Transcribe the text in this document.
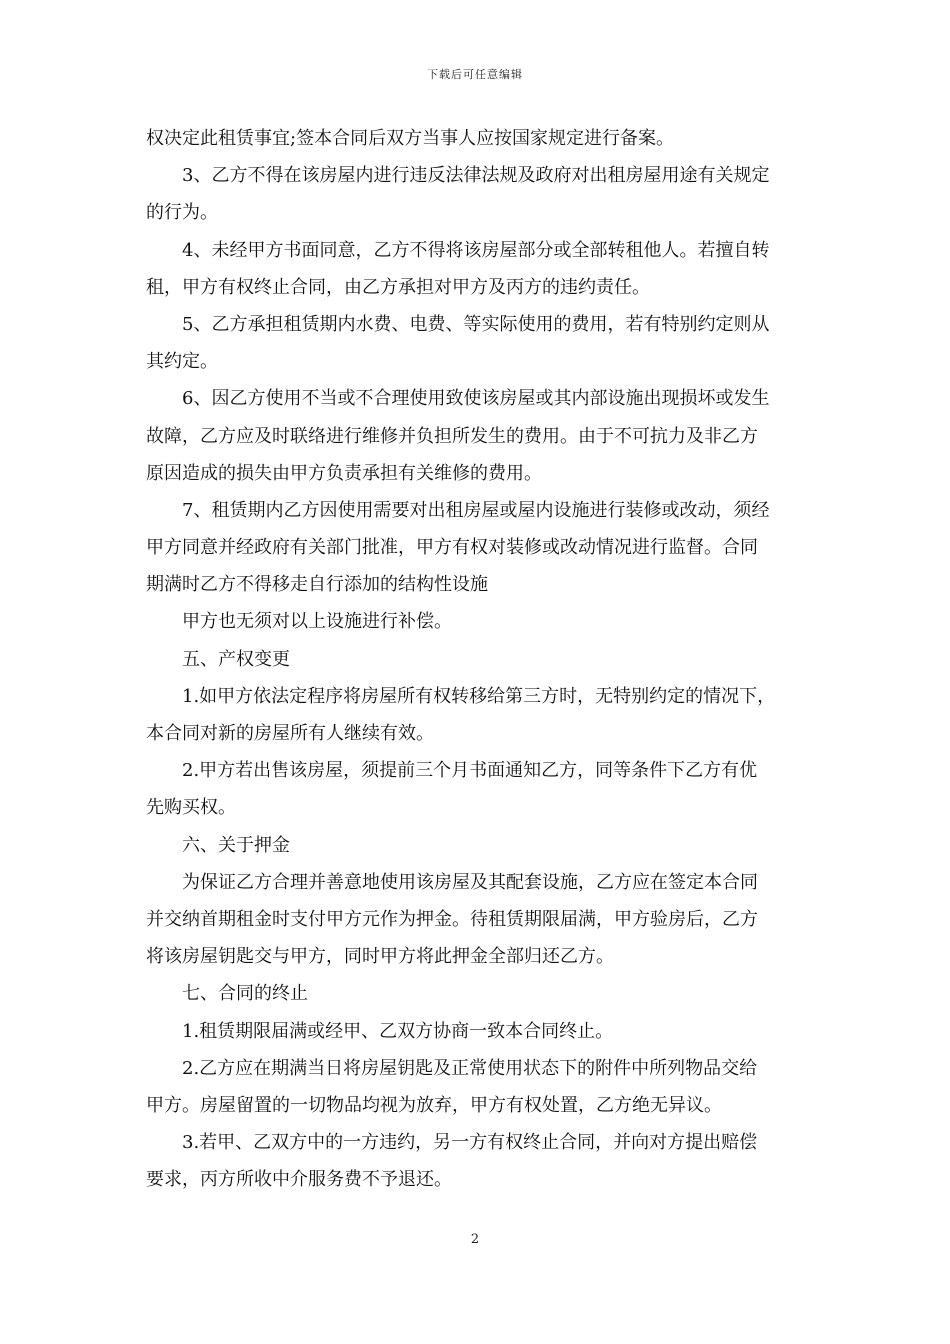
下载后可任意编辑
权决定此租赁事宜;签本合同后双方当事人应按国家规定进行备案。
3、乙方不得在该房屋内进行违反法律法规及政府对出租房屋用途有关规定
的行为。
4、未经甲方书面同意，乙方不得将该房屋部分或全部转租他人。若擅自转
租，甲方有权终止合同，由乙方承担对甲方及丙方的违约责任。
5、乙方承担租赁期内水费、电费、等实际使用的费用，若有特别约定则从
其约定。
6、因乙方使用不当或不合理使用致使该房屋或其内部设施出现损坏或发生
故障，乙方应及时联络进行维修并负担所发生的费用。由于不可抗力及非乙方
原因造成的损失由甲方负责承担有关维修的费用。
7、租赁期内乙方因使用需要对出租房屋或屋内设施进行装修或改动，须经
甲方同意并经政府有关部门批准，甲方有权对装修或改动情况进行监督。合同
期满时乙方不得移走自行添加的结构性设施
甲方也无须对以上设施进行补偿。
五、产权变更
1.如甲方依法定程序将房屋所有权转移给第三方时，无特别约定的情况下，
本合同对新的房屋所有人继续有效。
2.甲方若出售该房屋，须提前三个月书面通知乙方，同等条件下乙方有优
先购买权。
六、关于押金
为保证乙方合理并善意地使用该房屋及其配套设施，乙方应在签定本合同
并交纳首期租金时支付甲方元作为押金。待租赁期限届满，甲方验房后，乙方
将该房屋钥匙交与甲方，同时甲方将此押金全部归还乙方。
七、合同的终止
1.租赁期限届满或经甲、乙双方协商一致本合同终止。
2.乙方应在期满当日将房屋钥匙及正常使用状态下的附件中所列物品交给
甲方。房屋留置的一切物品均视为放弃，甲方有权处置，乙方绝无异议。
3.若甲、乙双方中的一方违约，另一方有权终止合同，并向对方提出赔偿
要求，丙方所收中介服务费不予退还。
2
